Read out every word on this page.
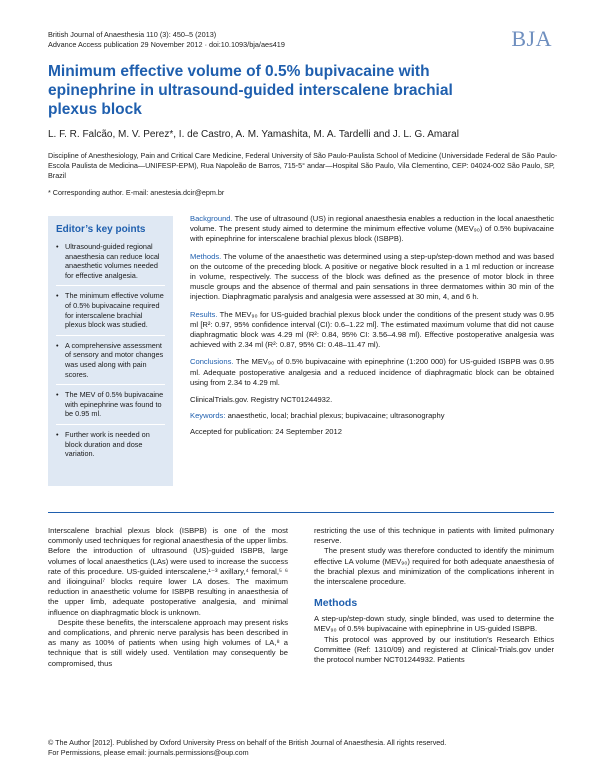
British Journal of Anaesthesia 110 (3): 450–5 (2013)
Advance Access publication 29 November 2012 · doi:10.1093/bja/aes419	BJA
Minimum effective volume of 0.5% bupivacaine with epinephrine in ultrasound-guided interscalene brachial plexus block
L. F. R. Falcão, M. V. Perez*, I. de Castro, A. M. Yamashita, M. A. Tardelli and J. L. G. Amaral
Discipline of Anesthesiology, Pain and Critical Care Medicine, Federal University of São Paulo-Paulista School of Medicine (Universidade Federal de São Paulo-Escola Paulista de Medicina—UNIFESP-EPM), Rua Napoleão de Barros, 715-5° andar—Hospital São Paulo, Vila Clementino, CEP: 04024-002 São Paulo, SP, Brazil
* Corresponding author. E-mail: anestesia.dcir@epm.br
Editor’s key points
• Ultrasound-guided regional anaesthesia can reduce local anaesthetic volumes needed for effective analgesia.
• The minimum effective volume of 0.5% bupivacaine required for interscalene brachial plexus block was studied.
• A comprehensive assessment of sensory and motor changes was used along with pain scores.
• The MEV of 0.5% bupivacaine with epinephrine was found to be 0.95 ml.
• Further work is needed on block duration and dose variation.

Background. The use of ultrasound (US) in regional anaesthesia enables a reduction in the local anaesthetic volume. The present study aimed to determine the minimum effective volume (MEV₉₀) of 0.5% bupivacaine with epinephrine for interscalene brachial plexus block (ISBPB).

Methods. The volume of the anaesthetic was determined using a step-up/step-down method and was based on the outcome of the preceding block. A positive or negative block resulted in a 1 ml reduction or increase in volume, respectively. The success of the block was defined as the presence of motor block in three muscle groups and the absence of thermal and pain sensations in three dermatomes within 30 min of the injection. Diaphragmatic paralysis and analgesia were assessed at 30 min, 4, and 6 h.

Results. The MEV₉₀ for US-guided brachial plexus block under the conditions of the present study was 0.95 ml [R²: 0.97, 95% confidence interval (CI): 0.6–1.22 ml]. The estimated maximum volume that did not cause diaphragmatic block was 4.29 ml (R²: 0.84, 95% CI: 3.56–4.98 ml). Effective postoperative analgesia was achieved with 2.34 ml (R²: 0.87, 95% CI: 0.48–11.47 ml).

Conclusions. The MEV₉₀ of 0.5% bupivacaine with epinephrine (1:200 000) for US-guided ISBPB was 0.95 ml. Adequate postoperative analgesia and a reduced incidence of diaphragmatic block can be obtained using from 2.34 to 4.29 ml.

ClinicalTrials.gov. Registry NCT01244932.

Keywords: anaesthetic, local; brachial plexus; bupivacaine; ultrasonography

Accepted for publication: 24 September 2012

Interscalene brachial plexus block (ISBPB) is one of the most commonly used techniques for regional anaesthesia of the upper limbs. Before the introduction of ultrasound (US)-guided ISBPB, large volumes of local anaesthetics (LAs) were used to increase the success rate of this procedure. US-guided interscalene,¹⁻³ axillary,⁴ femoral,⁵ ⁶ and ilioinguinal⁷ blocks require lower LA doses. The maximum reduction in anaesthetic volume for ISBPB resulting in anaesthesia of the upper limb, adequate postoperative analgesia, and minimal influence on diaphragmatic block is unknown.

Despite these benefits, the interscalene approach may present risks and complications, and phrenic nerve paralysis has been described in as many as 100% of patients when using high volumes of LA,⁸ a technique that is still widely used. Ventilation may consequently be compromised, thus

restricting the use of this technique in patients with limited pulmonary reserve.

The present study was therefore conducted to identify the minimum effective LA volume (MEV₉₀) required for both adequate anaesthesia of the brachial plexus and minimization of the complications inherent in the interscalene procedure.

Methods

A step-up/step-down study, single blinded, was used to determine the MEV₉₀ of 0.5% bupivacaine with epinephrine in US-guided ISBPB.

This protocol was approved by our institution’s Research Ethics Committee (Ref: 1310/09) and registered at Clinical-Trials.gov under the protocol number NCT01244932. Patients

© The Author [2012]. Published by Oxford University Press on behalf of the British Journal of Anaesthesia. All rights reserved.
For Permissions, please email: journals.permissions@oup.com
